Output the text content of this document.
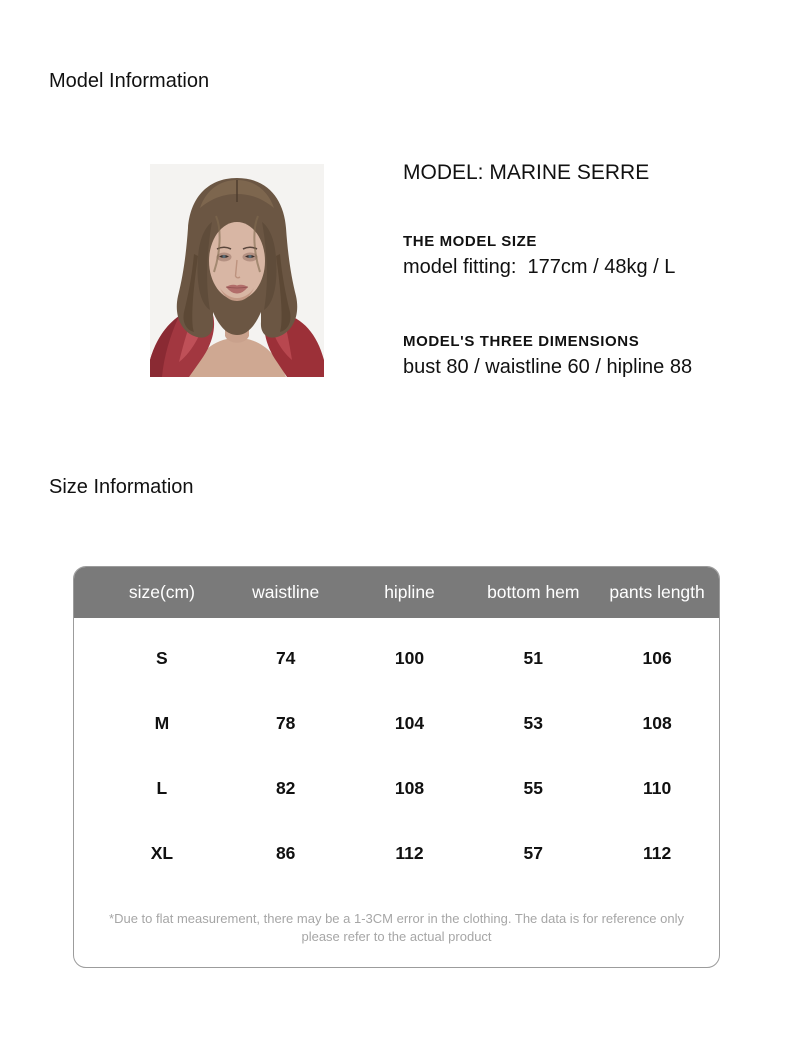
Model Information
MODEL: MARINE SERRE
THE MODEL SIZE
model fitting:  177cm / 48kg / L
MODEL'S THREE DIMENSIONS
bust 80 / waistline 60 / hipline 88
Size Information
size(cm)	waistline	hipline	bottom hem	pants length
S	74	100	51	106
M	78	104	53	108
L	82	108	55	110
XL	86	112	57	112
*Due to flat measurement, there may be a 1-3CM error in the clothing. The data is for reference only
please refer to the actual product
